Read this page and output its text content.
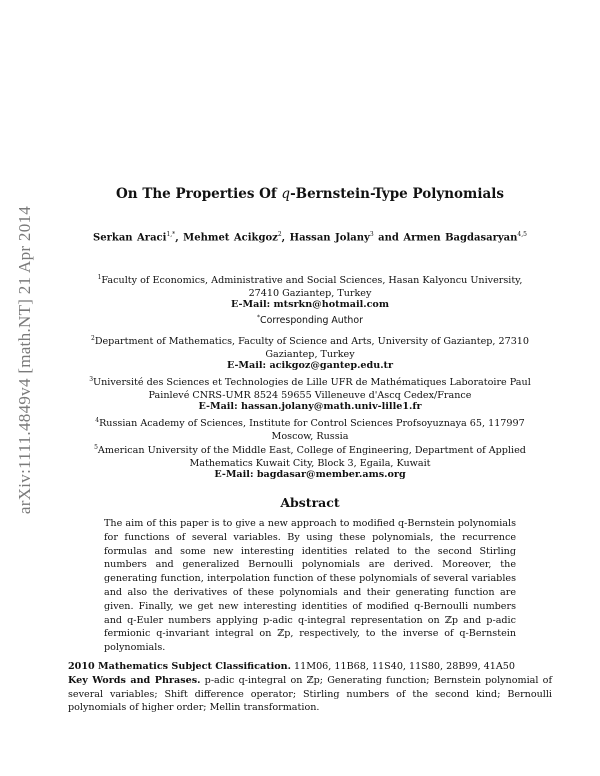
arXiv:1111.4849v4 [math.NT] 21 Apr 2014
On The Properties Of q-Bernstein-Type Polynomials
Serkan Araci$^{1,*}$, Mehmet Acikgoz$^2$, Hassan Jolany$^3$ and Armen Bagdasaryan$^{4,5}$
$^1$Faculty of Economics, Administrative and Social Sciences, Hasan Kalyoncu University,
27410 Gaziantep, Turkey
E-Mail: mtsrkn@hotmail.com
*Corresponding Author
$^2$Department of Mathematics, Faculty of Science and Arts, University of Gaziantep, 27310
Gaziantep, Turkey
E-Mail: acikgoz@gantep.edu.tr
$^3$Université des Sciences et Technologies de Lille UFR de Mathématiques Laboratoire Paul
Painlevé CNRS-UMR 8524 59655 Villeneuve d'Ascq Cedex/France
E-Mail: hassan.jolany@math.univ-lille1.fr
$^4$Russian Academy of Sciences, Institute for Control Sciences Profsoyuznaya 65, 117997
Moscow, Russia
$^5$American University of the Middle East, College of Engineering, Department of Applied
Mathematics Kuwait City, Block 3, Egaila, Kuwait
E-Mail: bagdasar@member.ams.org
Abstract
The aim of this paper is to give a new approach to modified q-Bernstein polynomials for functions of several variables. By using these polynomials, the recurrence formulas and some new interesting identities related to the second Stirling numbers and generalized Bernoulli polynomials are derived. Moreover, the generating function, interpolation function of these polynomials of several variables and also the derivatives of these polynomials and their generating function are given. Finally, we get new interesting identities of modified q-Bernoulli numbers and q-Euler numbers applying p-adic q-integral representation on ℤp and p-adic fermionic q-invariant integral on ℤp, respectively, to the inverse of q-Bernstein polynomials.
2010 Mathematics Subject Classification. 11M06, 11B68, 11S40, 11S80, 28B99, 41A50
Key Words and Phrases. p-adic q-integral on ℤp; Generating function; Bernstein polynomial of several variables; Shift difference operator; Stirling numbers of the second kind; Bernoulli polynomials of higher order; Mellin transformation.
